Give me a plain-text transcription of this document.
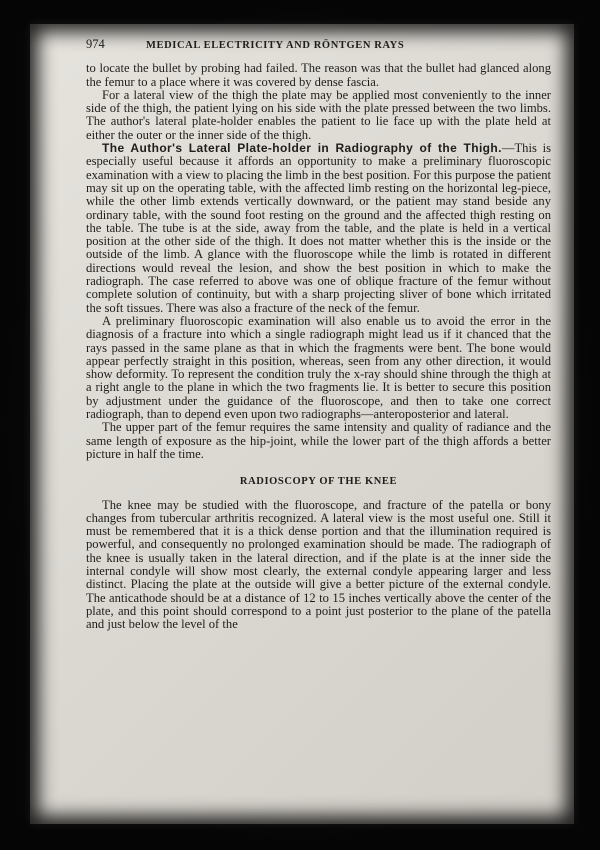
974	MEDICAL ELECTRICITY AND RÖNTGEN RAYS

to locate the bullet by probing had failed. The reason was that the bullet had glanced along the femur to a place where it was covered by dense fascia.

For a lateral view of the thigh the plate may be applied most conveniently to the inner side of the thigh, the patient lying on his side with the plate pressed between the two limbs. The author's lateral plate-holder enables the patient to lie face up with the plate held at either the outer or the inner side of the thigh.

The Author's Lateral Plate-holder in Radiography of the Thigh.—This is especially useful because it affords an opportunity to make a preliminary fluoroscopic examination with a view to placing the limb in the best position. For this purpose the patient may sit up on the operating table, with the affected limb resting on the horizontal leg-piece, while the other limb extends vertically downward, or the patient may stand beside any ordinary table, with the sound foot resting on the ground and the affected thigh resting on the table. The tube is at the side, away from the table, and the plate is held in a vertical position at the other side of the thigh. It does not matter whether this is the inside or the outside of the limb. A glance with the fluoroscope while the limb is rotated in different directions would reveal the lesion, and show the best position in which to make the radiograph. The case referred to above was one of oblique fracture of the femur without complete solution of continuity, but with a sharp projecting sliver of bone which irritated the soft tissues. There was also a fracture of the neck of the femur.

A preliminary fluoroscopic examination will also enable us to avoid the error in the diagnosis of a fracture into which a single radiograph might lead us if it chanced that the rays passed in the same plane as that in which the fragments were bent. The bone would appear perfectly straight in this position, whereas, seen from any other direction, it would show deformity. To represent the condition truly the x-ray should shine through the thigh at a right angle to the plane in which the two fragments lie. It is better to secure this position by adjustment under the guidance of the fluoroscope, and then to take one correct radiograph, than to depend even upon two radiographs—anteroposterior and lateral.

The upper part of the femur requires the same intensity and quality of radiance and the same length of exposure as the hip-joint, while the lower part of the thigh affords a better picture in half the time.

RADIOSCOPY OF THE KNEE

The knee may be studied with the fluoroscope, and fracture of the patella or bony changes from tubercular arthritis recognized. A lateral view is the most useful one. Still it must be remembered that it is a thick dense portion and that the illumination required is powerful, and consequently no prolonged examination should be made. The radiograph of the knee is usually taken in the lateral direction, and if the plate is at the inner side the internal condyle will show most clearly, the external condyle appearing larger and less distinct. Placing the plate at the outside will give a better picture of the external condyle. The anticathode should be at a distance of 12 to 15 inches vertically above the center of the plate, and this point should correspond to a point just posterior to the plane of the patella and just below the level of the
